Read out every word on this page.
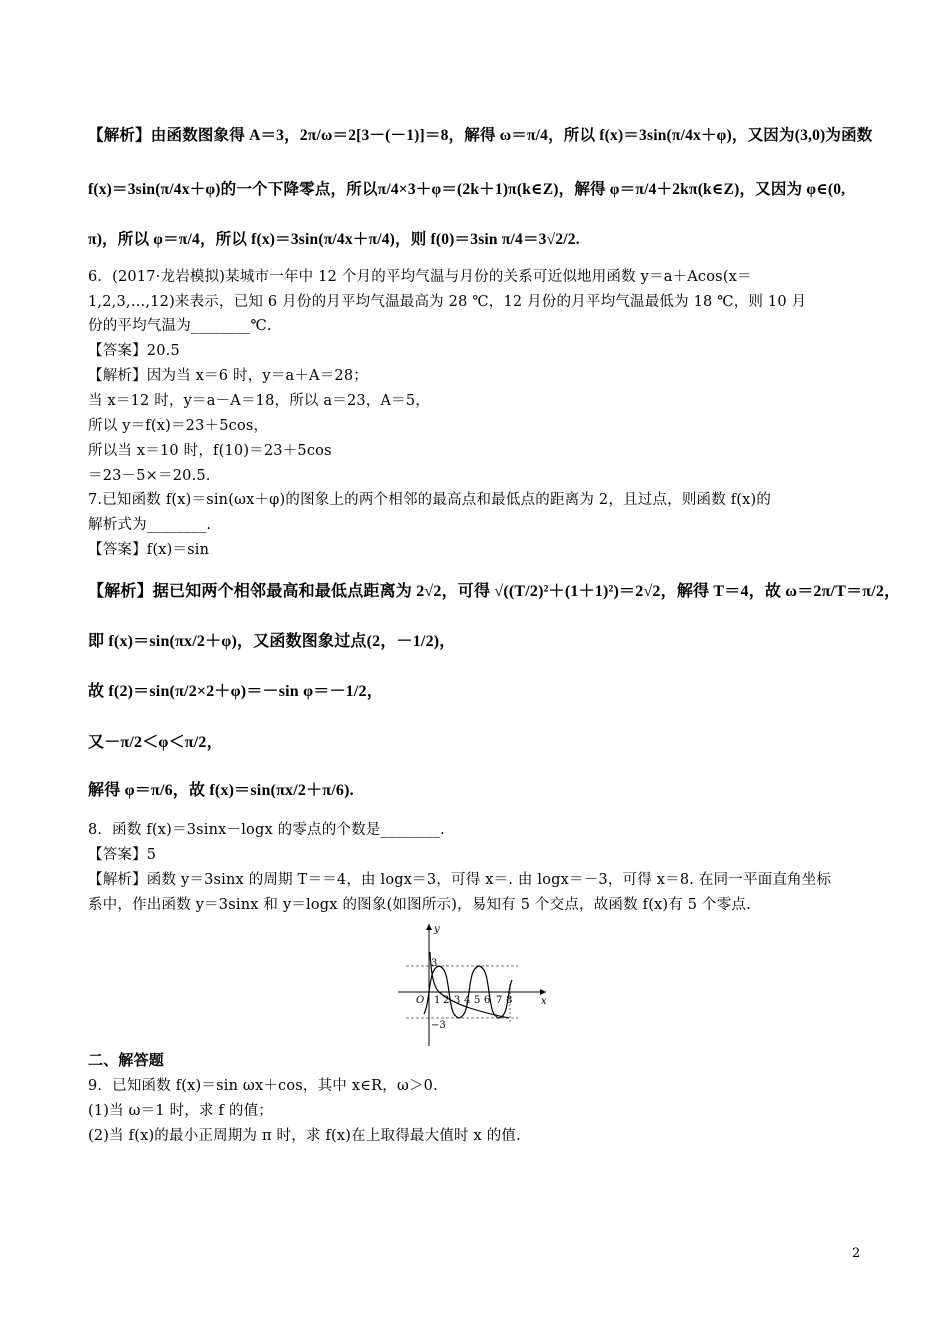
【解析】由函数图象得 A＝3，2π/ω＝2[3－(－1)]＝8，解得 ω＝π/4，所以 f(x)＝3sin(π/4x＋φ)，又因为(3,0)为函数
f(x)＝3sin(π/4x＋φ)的一个下降零点，所以π/4×3＋φ＝(2k＋1)π(k∈Z)，解得 φ＝π/4＋2kπ(k∈Z)，又因为 φ∈(0,
π)，所以 φ＝π/4，所以 f(x)＝3sin(π/4x＋π/4)，则 f(0)＝3sin π/4＝3√2/2.
6．(2017·龙岩模拟)某城市一年中 12 个月的平均气温与月份的关系可近似地用函数 y＝a＋Acos(x＝
1,2,3,…,12)来表示，已知 6 月份的月平均气温最高为 28 ℃，12 月份的月平均气温最低为 18 ℃，则 10 月
份的平均气温为________℃.
【答案】20.5
【解析】因为当 x＝6 时，y＝a＋A＝28；
当 x＝12 时，y＝a－A＝18，所以 a＝23，A＝5，
所以 y＝f(x)＝23＋5cos，
所以当 x＝10 时，f(10)＝23＋5cos
＝23－5×＝20.5.
7.已知函数 f(x)＝sin(ωx＋φ)的图象上的两个相邻的最高点和最低点的距离为 2，且过点，则函数 f(x)的
解析式为________.
【答案】f(x)＝sin
【解析】据已知两个相邻最高和最低点距离为 2√2，可得 √((T/2)²＋(1＋1)²)＝2√2，解得 T＝4，故 ω＝2π/T＝π/2，
即 f(x)＝sin(πx/2＋φ)，又函数图象过点(2，－1/2)，
故 f(2)＝sin(π/2×2＋φ)＝－sin φ＝－1/2，
又－π/2＜φ＜π/2，
解得 φ＝π/6，故 f(x)＝sin(πx/2＋π/6).
8．函数 f(x)＝3sinx－logx 的零点的个数是________.
【答案】5
【解析】函数 y＝3sinx 的周期 T＝＝4，由 logx＝3，可得 x＝. 由 logx＝－3，可得 x＝8. 在同一平面直角坐标
系中，作出函数 y＝3sinx 和 y＝logx 的图象(如图所示)，易知有 5 个交点，故函数 f(x)有 5 个零点.
y
x
O
3
−3
1 2 3 4 5 6 7 8
二、解答题
9．已知函数 f(x)＝sin ωx＋cos，其中 x∈R，ω＞0.
(1)当 ω＝1 时，求 f 的值；
(2)当 f(x)的最小正周期为 π 时，求 f(x)在上取得最大值时 x 的值.
2
